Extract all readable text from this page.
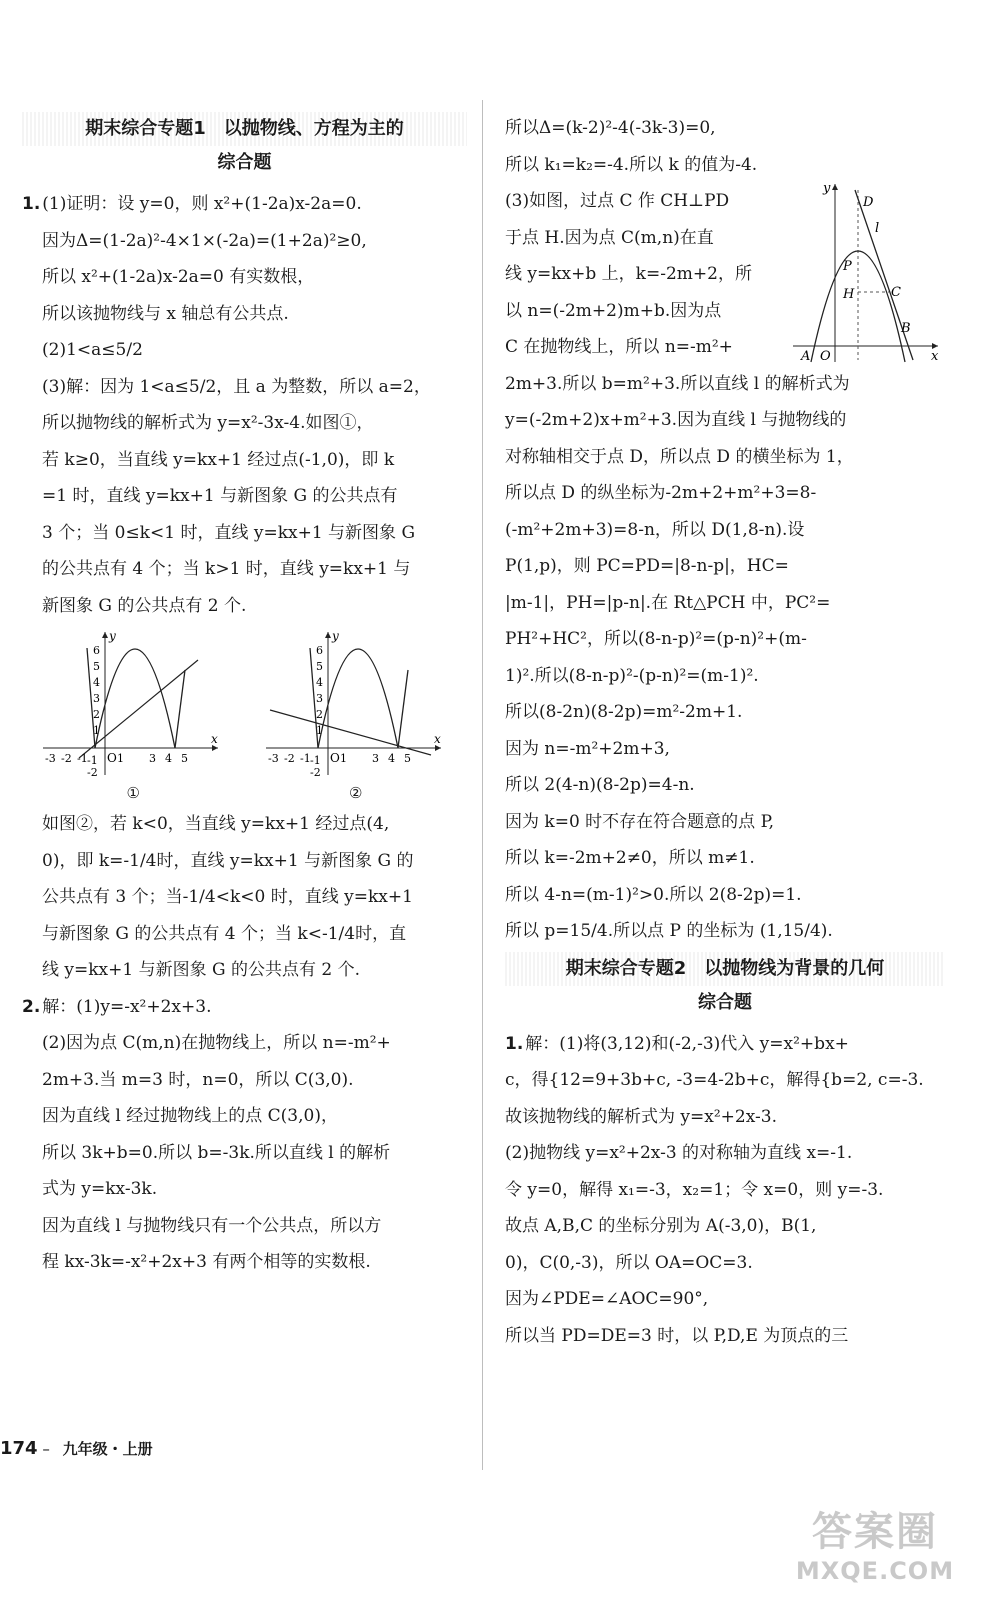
期末综合专题1　以抛物线、方程为主的
综合题
1. (1)证明：设 y=0，则 x²+(1-2a)x-2a=0.
因为Δ=(1-2a)²-4×1×(-2a)=(1+2a)²≥0,
所以 x²+(1-2a)x-2a=0 有实数根，
所以该抛物线与 x 轴总有公共点.
(2)1<a≤5/2
(3)解：因为 1<a≤5/2，且 a 为整数，所以 a=2，
所以抛物线的解析式为 y=x²-3x-4.如图①，
若 k≥0，当直线 y=kx+1 经过点(-1,0)，即 k
=1 时，直线 y=kx+1 与新图象 G 的公共点有
3 个；当 0≤k<1 时，直线 y=kx+1 与新图象 G
的公共点有 4 个；当 k>1 时，直线 y=kx+1 与
新图象 G 的公共点有 2 个.
y
x
O
6
5
4
3
2
1
-1
-2
-3 -2 -1	1 3 4 5
①
y
x
O
6
5
4
3
2
1
-1
-2
-3 -2 -1	1 3 4 5
②
如图②，若 k<0，当直线 y=kx+1 经过点(4,
0)，即 k=-1/4时，直线 y=kx+1 与新图象 G 的
公共点有 3 个；当-1/4<k<0 时，直线 y=kx+1
与新图象 G 的公共点有 4 个；当 k<-1/4时，直
线 y=kx+1 与新图象 G 的公共点有 2 个.
2. 解：(1)y=-x²+2x+3.
(2)因为点 C(m,n)在抛物线上，所以 n=-m²+
2m+3.当 m=3 时，n=0，所以 C(3,0).
因为直线 l 经过抛物线上的点 C(3,0)，
所以 3k+b=0.所以 b=-3k.所以直线 l 的解析
式为 y=kx-3k.
因为直线 l 与抛物线只有一个公共点，所以方
程 kx-3k=-x²+2x+3 有两个相等的实数根.
所以Δ=(k-2)²-4(-3k-3)=0,
所以 k₁=k₂=-4.所以 k 的值为-4.
(3)如图，过点 C 作 CH⊥PD
于点 H.因为点 C(m,n)在直
线 y=kx+b 上，k=-2m+2，所
以 n=(-2m+2)m+b.因为点
C 在抛物线上，所以 n=-m²+
2m+3.所以 b=m²+3.所以直线 l 的解析式为
y=(-2m+2)x+m²+3.因为直线 l 与抛物线的
对称轴相交于点 D，所以点 D 的横坐标为 1，
所以点 D 的纵坐标为-2m+2+m²+3=8-
(-m²+2m+3)=8-n，所以 D(1,8-n).设
P(1,p)，则 PC=PD=|8-n-p|，HC=
|m-1|，PH=|p-n|.在 Rt△PCH 中，PC²=
PH²+HC²，所以(8-n-p)²=(p-n)²+(m-
1)².所以(8-n-p)²-(p-n)²=(m-1)².
所以(8-2n)(8-2p)=m²-2m+1.
因为 n=-m²+2m+3,
所以 2(4-n)(8-2p)=4-n.
因为 k=0 时不存在符合题意的点 P,
所以 k=-2m+2≠0，所以 m≠1.
所以 4-n=(m-1)²>0.所以 2(8-2p)=1.
所以 p=15/4.所以点 P 的坐标为 (1,15/4).
期末综合专题2　以抛物线为背景的几何
综合题
1. 解：(1)将(3,12)和(-2,-3)代入 y=x²+bx+
c，得{12=9+3b+c, -3=4-2b+c，解得{b=2, c=-3.
故该抛物线的解析式为 y=x²+2x-3.
(2)抛物线 y=x²+2x-3 的对称轴为直线 x=-1.
令 y=0，解得 x₁=-3，x₂=1；令 x=0，则 y=-3.
故点 A,B,C 的坐标分别为 A(-3,0)，B(1,
0)，C(0,-3)，所以 OA=OC=3.
因为∠PDE=∠AOC=90°,
所以当 PD=DE=3 时，以 P,D,E 为顶点的三
y
x
D
l
P
H	C
B
A O
174 – 九年级・上册
答案圈
MXQE.COM
